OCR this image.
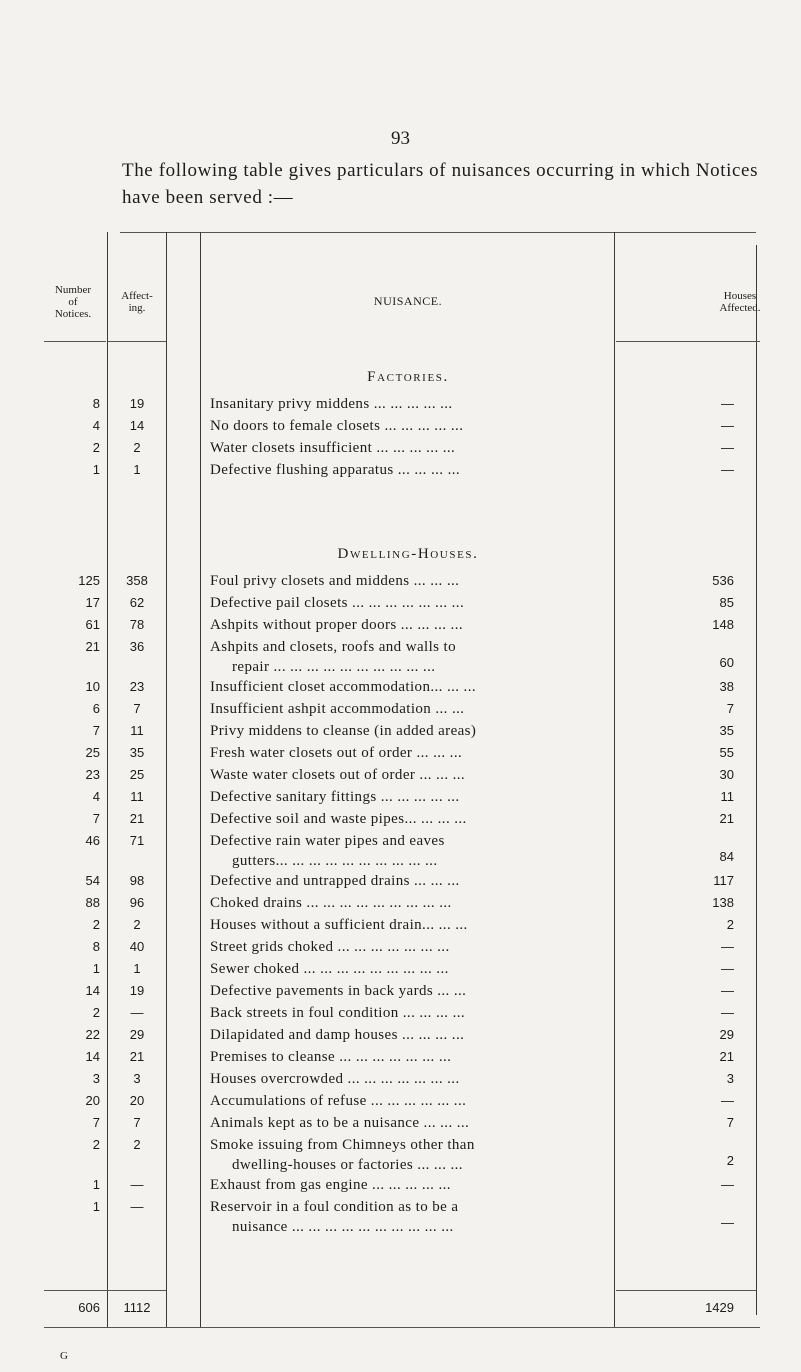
93
The following table gives particulars of nuisances occurring in which Notices have been served :—
Number
of
Notices.
Affect-
ing.	NUISANCE.	Houses
Affected.
Factories.
8	19	Insanitary privy middens ... ... ... ... ...	—
4	14	No doors to female closets ... ... ... ... ...	—
2	2	Water closets insufficient ... ... ... ... ...	—
1	1	Defective flushing apparatus ... ... ... ...	—
Dwelling-Houses.
125	358	Foul privy closets and middens ... ... ...	536
17	62	Defective pail closets ... ... ... ... ... ... ...	85
61	78	Ashpits without proper doors ... ... ... ...	148
21	36	Ashpits and closets, roofs and walls to
repair ... ... ... ... ... ... ... ... ... ...	60
10	23	Insufficient closet accommodation... ... ...	38
6	7	Insufficient ashpit accommodation ... ...	7
7	11	Privy middens to cleanse (in added areas)	35
25	35	Fresh water closets out of order ... ... ...	55
23	25	Waste water closets out of order ... ... ...	30
4	11	Defective sanitary fittings ... ... ... ... ...	11
7	21	Defective soil and waste pipes... ... ... ...	21
46	71	Defective rain water pipes and eaves
gutters... ... ... ... ... ... ... ... ... ...	84
54	98	Defective and untrapped drains ... ... ...	117
88	96	Choked drains ... ... ... ... ... ... ... ... ...	138
2	2	Houses without a sufficient drain... ... ...	2
8	40	Street grids choked ... ... ... ... ... ... ...	—
1	1	Sewer choked ... ... ... ... ... ... ... ... ...	—
14	19	Defective pavements in back yards ... ...	—
2	—	Back streets in foul condition ... ... ... ...	—
22	29	Dilapidated and damp houses ... ... ... ...	29
14	21	Premises to cleanse ... ... ... ... ... ... ...	21
3	3	Houses overcrowded ... ... ... ... ... ... ...	3
20	20	Accumulations of refuse ... ... ... ... ... ...	—
7	7	Animals kept as to be a nuisance ... ... ...	7
2	2	Smoke issuing from Chimneys other than
dwelling-houses or factories ... ... ...	2
1	—	Exhaust from gas engine ... ... ... ... ...	—
1	—	Reservoir in a foul condition as to be a
nuisance ... ... ... ... ... ... ... ... ... ...	—
606	1112	1429
G
